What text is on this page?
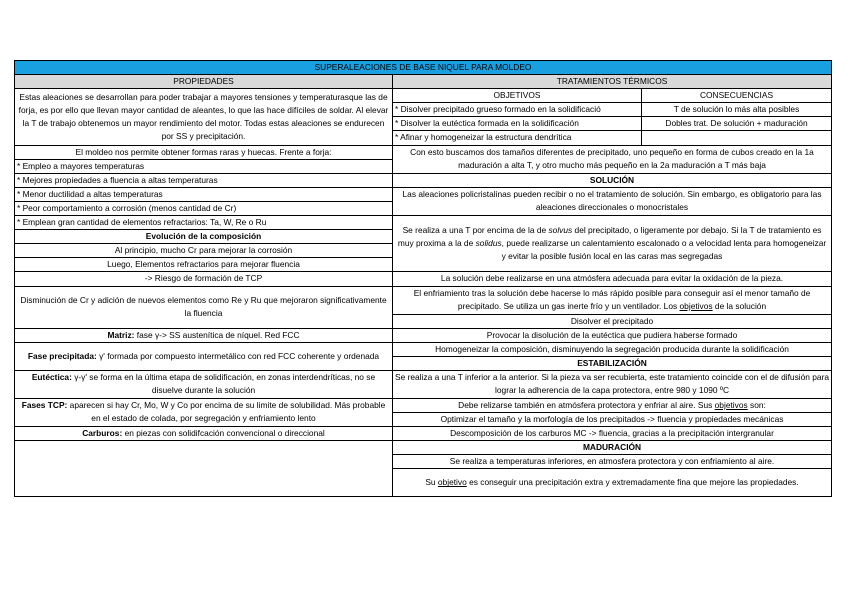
SUPERALEACIONES DE BASE NIQUEL PARA MOLDEO		
PROPIEDADES	TRATAMIENTOS TÉRMICOS	
Estas aleaciones se desarrollan para poder trabajar a mayores tensiones y temperaturasque las de forja, es por ello que llevan mayor cantidad de aleantes, lo que las hace difíciles de soldar. Al elevar la T de trabajo obtenemos un mayor rendimiento del motor. Todas estas aleaciones se endurecen por SS y precipitación.	OBJETIVOS	CONSECUENCIAS
	* Disolver precipitado grueso formado en la solidificació	T de solución lo más alta posibles
	* Disolver la eutéctica formada en la solidificación	Dobles trat. De solución + maduración
	* Afinar y homogeneizar la estructura dendrítica	
El moldeo nos permite obtener formas raras y huecas. Frente a forja:	Con esto buscamos dos tamaños diferentes de precipitado, uno pequeño en forma de cubos creado en la 1a maduración a alta T, y otro mucho más pequeño en la 2a maduración a T más baja	
* Empleo a mayores temperaturas		
* Mejores propiedades a fluencia a altas temperaturas	SOLUCIÓN	
* Menor ductilidad a altas temperaturas	Las aleaciones policristalinas pueden recibir o no el tratamiento de solución. Sin embargo, es obligatorio para las aleaciones direccionales o monocristales	
* Peor comportamiento a corrosión (menos cantidad de Cr)		
* Emplean gran cantidad de elementos refractarios: Ta, W, Re o Ru	Se realiza a una T por encima de la de solvus del precipitado, o ligeramente por debajo. Si la T de tratamiento es muy proxima a la de solidus, puede realizarse un calentamiento escalonado o a velocidad lenta para homogeneizar y evitar la posible fusión local en las caras mas segregadas	
Evolución de la composición		
Al principio, mucho Cr para mejorar la corrosión		
Luego, Elementos refractarios para mejorar fluencia		
-> Riesgo de formación de TCP	La solución debe realizarse en una atmósfera adecuada para evitar la oxidación de la pieza.	
Disminución de Cr y adición de nuevos elementos como Re y Ru que mejoraron significativamente la fluencia	El enfriamiento tras la solución debe hacerse lo más rápido posible para conseguir así el menor tamaño de precipitado. Se utiliza un gas inerte frío y un ventilador. Los objetivos de la solución	

	Disolver el precipitado	
Matriz: fase γ-> SS austenítica de níquel. Red FCC	Provocar la disolución de la eutéctica que pudiera haberse formado	
Fase precipitada: γ' formada por compuesto intermetálico con red FCC coherente y ordenada	Homogeneizar la composición, disminuyendo la segregación producida durante la solidificación	
	ESTABILIZACIÓN	
Eutéctica: γ-γ' se forma en la última etapa de solidificación, en zonas interdendríticas, no se disuelve durante la solución	Se realiza a una T inferior a la anterior. Si la pieza va ser recubierta, este tratamiento coincide con el de difusión para lograr la adherencia de la capa protectora, entre 980 y 1090 ºC	

Fases TCP: aparecen si hay Cr, Mo, W y Co por encima de su limite de solubilidad. Más probable en el estado de colada, por segregación y enfriamiento lento	Debe relizarse también en atmósfera protectora y enfriar al aire. Sus objetivos son:	
	Optimizar el tamaño y la morfología de los precipitados -> fluencia y propiedades mecánicas	
Carburos: en piezas con solidifcación convencional o direccional	Descomposición de los carburos MC -> fluencia, gracias a la precipitación intergranular	
	MADURACIÓN	
	Se realiza a temperaturas inferiores, en atmosfera protectora y con enfriamiento al aire.	
	Su objetivo es conseguir una precipitación extra y extremadamente fina que mejore las propiedades.	
